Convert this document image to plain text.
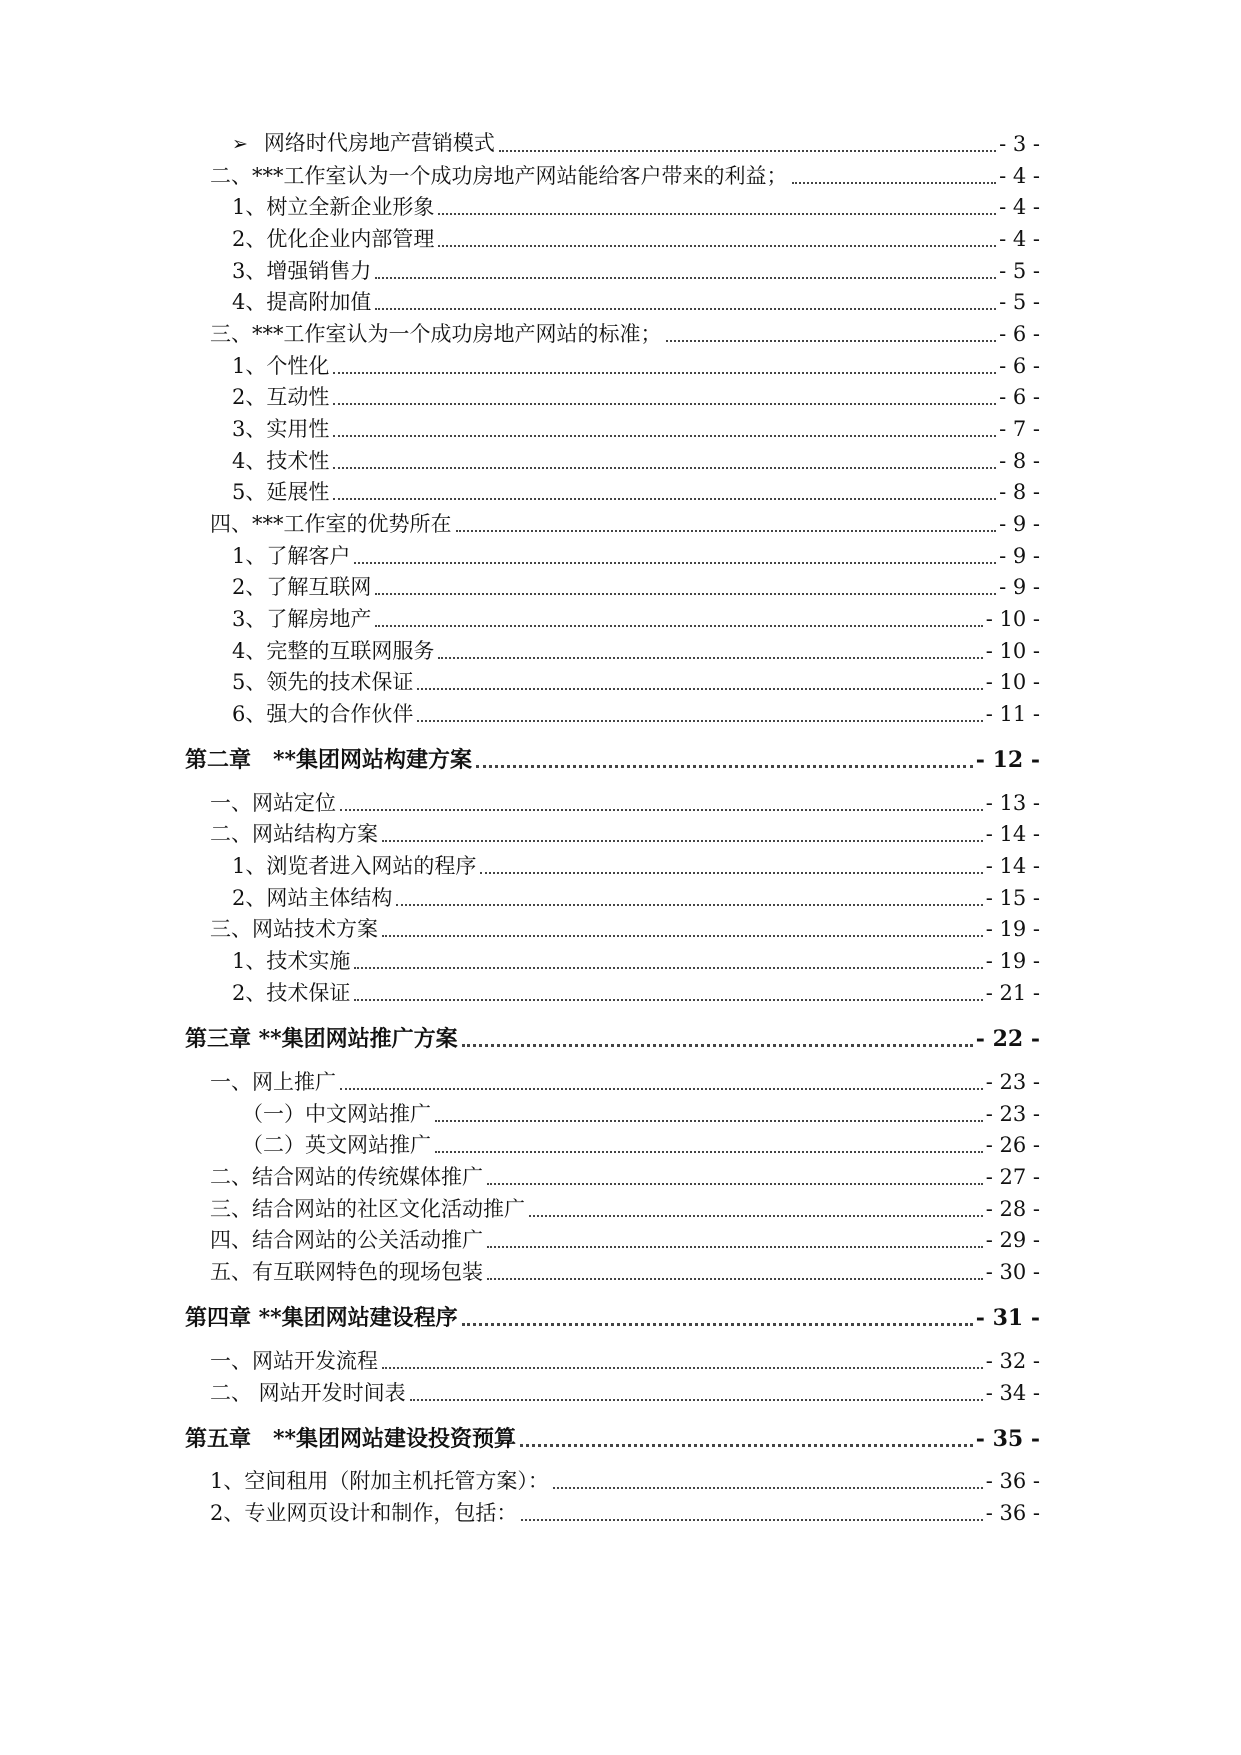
➢ 网络时代房地产营销模式	- 3 -
二、***工作室认为一个成功房地产网站能给客户带来的利益；	- 4 -
1、树立全新企业形象	- 4 -
2、优化企业内部管理	- 4 -
3、增强销售力	- 5 -
4、提高附加值	- 5 -
三、***工作室认为一个成功房地产网站的标准；	- 6 -
1、个性化	- 6 -
2、互动性	- 6 -
3、实用性	- 7 -
4、技术性	- 8 -
5、延展性	- 8 -
四、***工作室的优势所在	- 9 -
1、了解客户	- 9 -
2、了解互联网	- 9 -
3、了解房地产	- 10 -
4、完整的互联网服务	- 10 -
5、领先的技术保证	- 10 -
6、强大的合作伙伴	- 11 -
第二章　**集团网站构建方案	- 12 -
一、网站定位	- 13 -
二、网站结构方案	- 14 -
1、浏览者进入网站的程序	- 14 -
2、网站主体结构	- 15 -
三、网站技术方案	- 19 -
1、技术实施	- 19 -
2、技术保证	- 21 -
第三章 **集团网站推广方案	- 22 -
一、网上推广	- 23 -
（一）中文网站推广	- 23 -
（二）英文网站推广	- 26 -
二、结合网站的传统媒体推广	- 27 -
三、结合网站的社区文化活动推广	- 28 -
四、结合网站的公关活动推广	- 29 -
五、有互联网特色的现场包装	- 30 -
第四章 **集团网站建设程序	- 31 -
一、网站开发流程	- 32 -
二、 网站开发时间表	- 34 -
第五章　**集团网站建设投资预算	- 35 -
1、空间租用（附加主机托管方案）：	- 36 -
2、专业网页设计和制作，包括：	- 36 -
